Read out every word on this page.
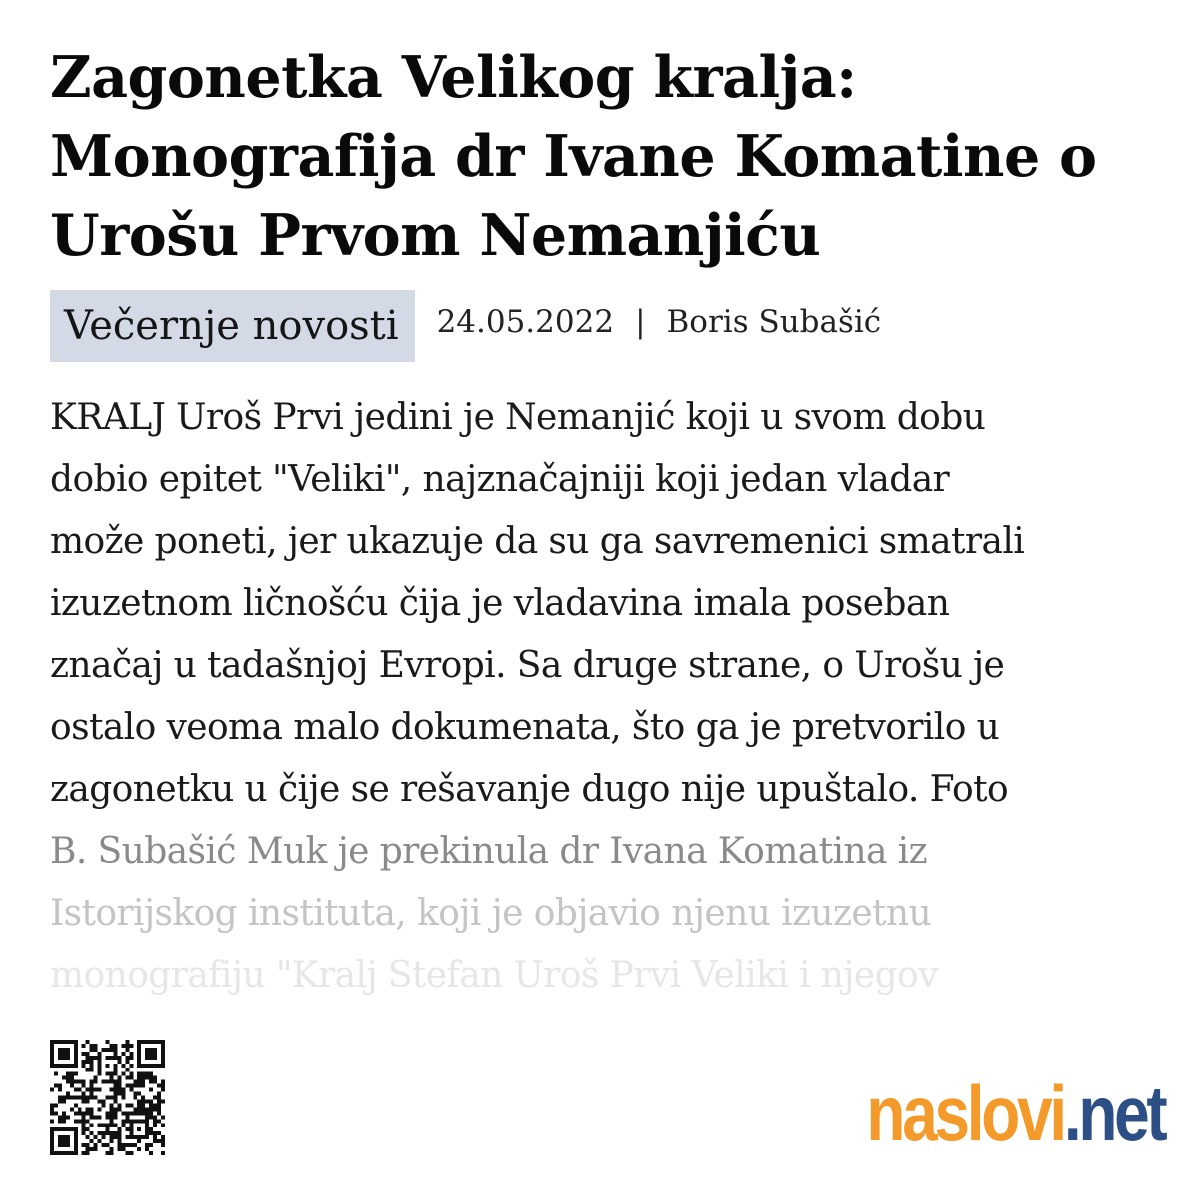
Zagonetka Velikog kralja: Monografija dr Ivane Komatine o Urošu Prvom Nemanjiću
Večernje novosti	24.05.2022 | Boris Subašić
KRALJ Uroš Prvi jedini je Nemanjić koji u svom dobu
dobio epitet "Veliki", najznačajniji koji jedan vladar
može poneti, jer ukazuje da su ga savremenici smatrali
izuzetnom ličnošću čija je vladavina imala poseban
značaj u tadašnjoj Evropi. Sa druge strane, o Urošu je
ostalo veoma malo dokumenata, što ga je pretvorilo u
zagonetku u čije se rešavanje dugo nije upuštalo. Foto
B. Subašić Muk je prekinula dr Ivana Komatina iz
Istorijskog instituta, koji je objavio njenu izuzetnu
monografiju "Kralj Stefan Uroš Prvi Veliki i njegov
naslovi.net
